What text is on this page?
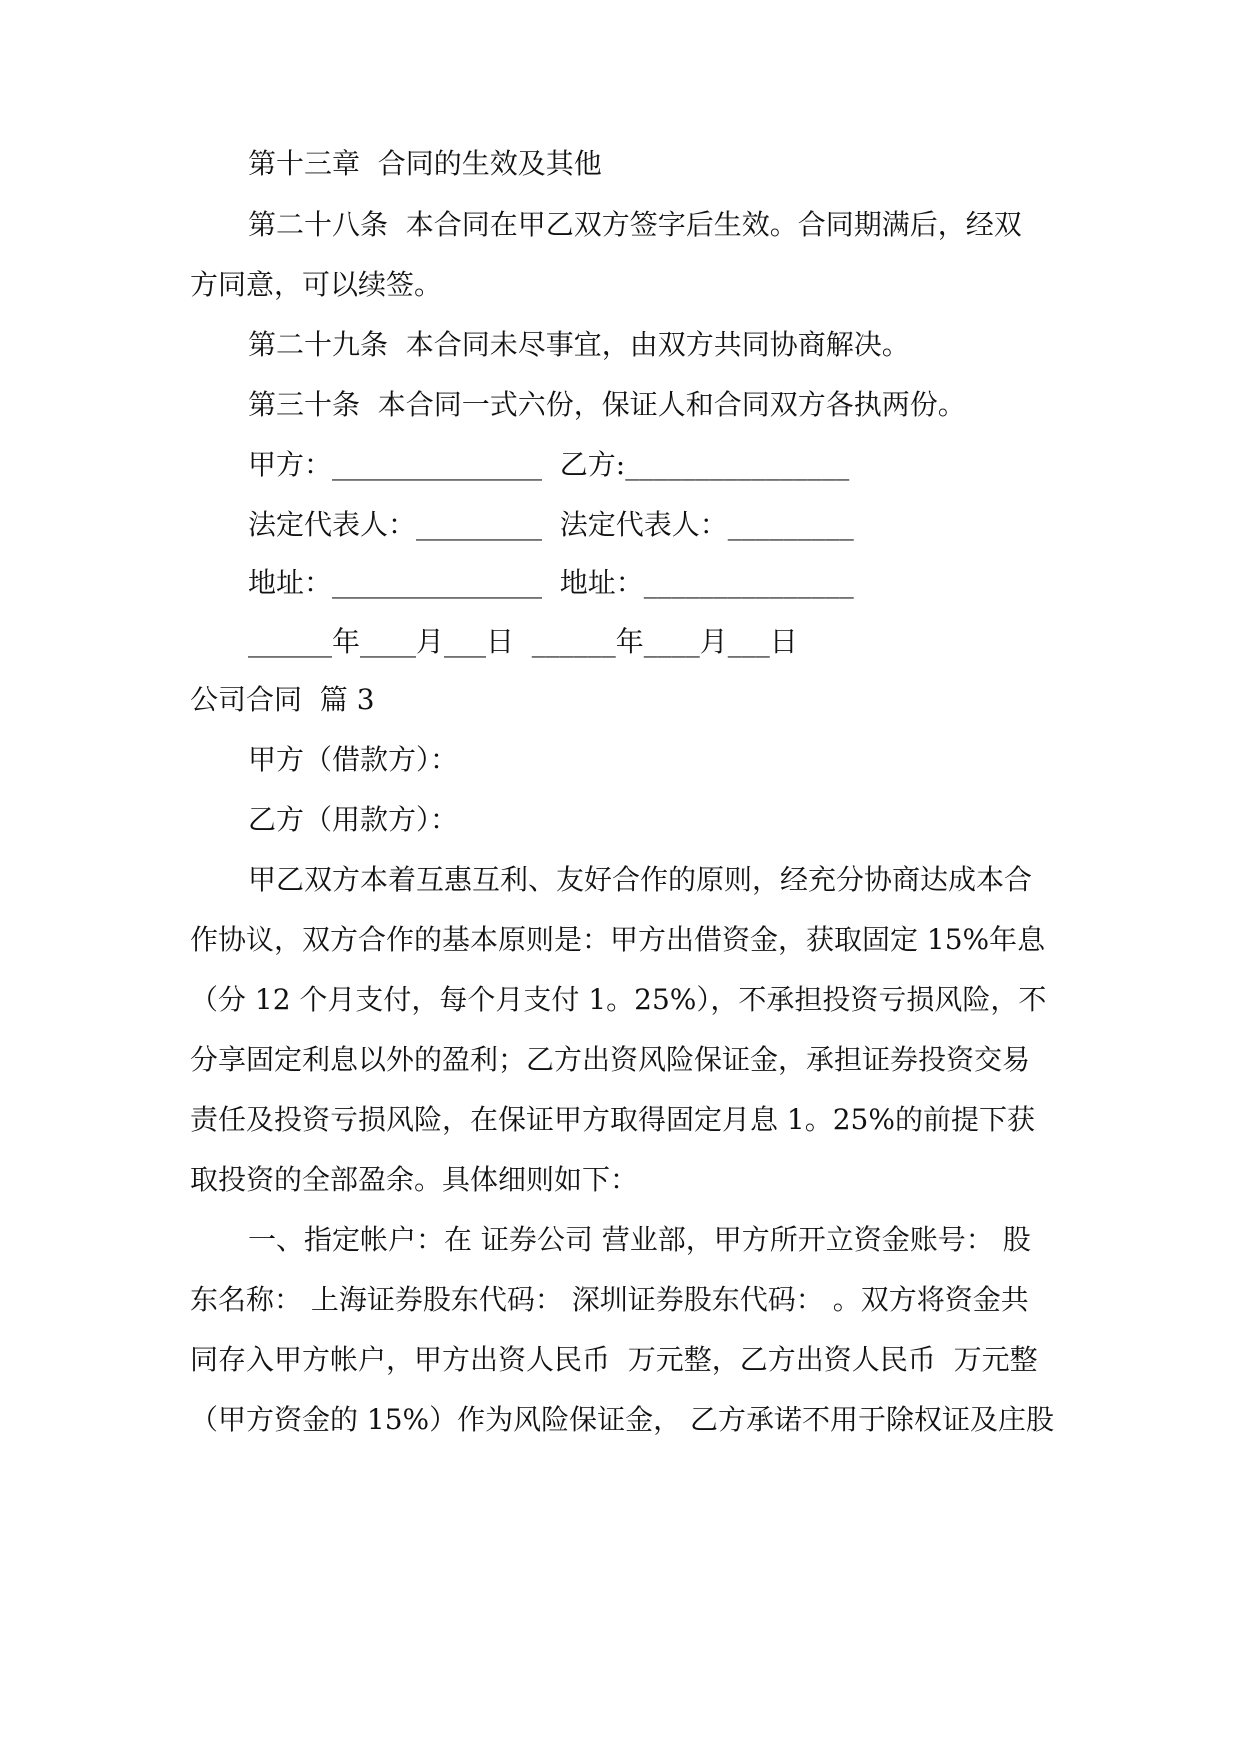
第十三章  合同的生效及其他
第二十八条  本合同在甲乙双方签字后生效。合同期满后，经双
方同意，可以续签。
第二十九条  本合同未尽事宜，由双方共同协商解决。
第三十条  本合同一式六份，保证人和合同双方各执两份。
甲方：_______________  乙方:________________
法定代表人：_________  法定代表人：_________
地址：_______________  地址：_______________
______年____月___日  ______年____月___日
公司合同  篇 3
甲方（借款方）：
乙方（用款方）：
甲乙双方本着互惠互利、友好合作的原则，经充分协商达成本合
作协议，双方合作的基本原则是：甲方出借资金，获取固定 15%年息
（分 12 个月支付，每个月支付 1。25%），不承担投资亏损风险，不
分享固定利息以外的盈利；乙方出资风险保证金，承担证券投资交易
责任及投资亏损风险，在保证甲方取得固定月息 1。25%的前提下获
取投资的全部盈余。具体细则如下：
一、指定帐户：在 证券公司 营业部，甲方所开立资金账号： 股
东名称： 上海证券股东代码： 深圳证券股东代码： 。双方将资金共
同存入甲方帐户，甲方出资人民币  万元整，乙方出资人民币  万元整
（甲方资金的 15%）作为风险保证金， 乙方承诺不用于除权证及庄股
